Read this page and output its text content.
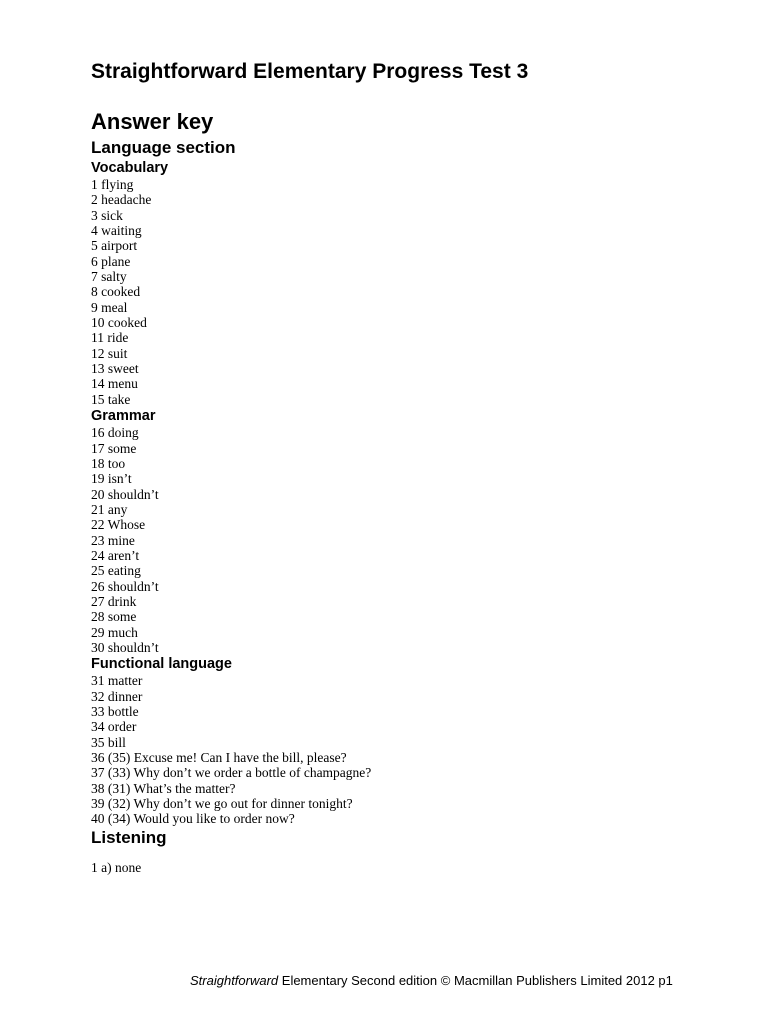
Straightforward Elementary Progress Test 3
Answer key
Language section
Vocabulary
1 flying
2 headache
3 sick
4 waiting
5 airport
6 plane
7 salty
8 cooked
9 meal
10 cooked
11 ride
12 suit
13 sweet
14 menu
15 take
Grammar
16 doing
17 some
18 too
19 isn’t
20 shouldn’t
21 any
22 Whose
23 mine
24 aren’t
25 eating
26 shouldn’t
27 drink
28 some
29 much
30 shouldn’t
Functional language
31 matter
32 dinner
33 bottle
34 order
35 bill
36 (35) Excuse me! Can I have the bill, please?
37 (33) Why don’t we order a bottle of champagne?
38 (31) What’s the matter?
39 (32) Why don’t we go out for dinner tonight?
40 (34) Would you like to order now?
Listening
1 a) none
Straightforward Elementary Second edition © Macmillan Publishers Limited 2012 p1
